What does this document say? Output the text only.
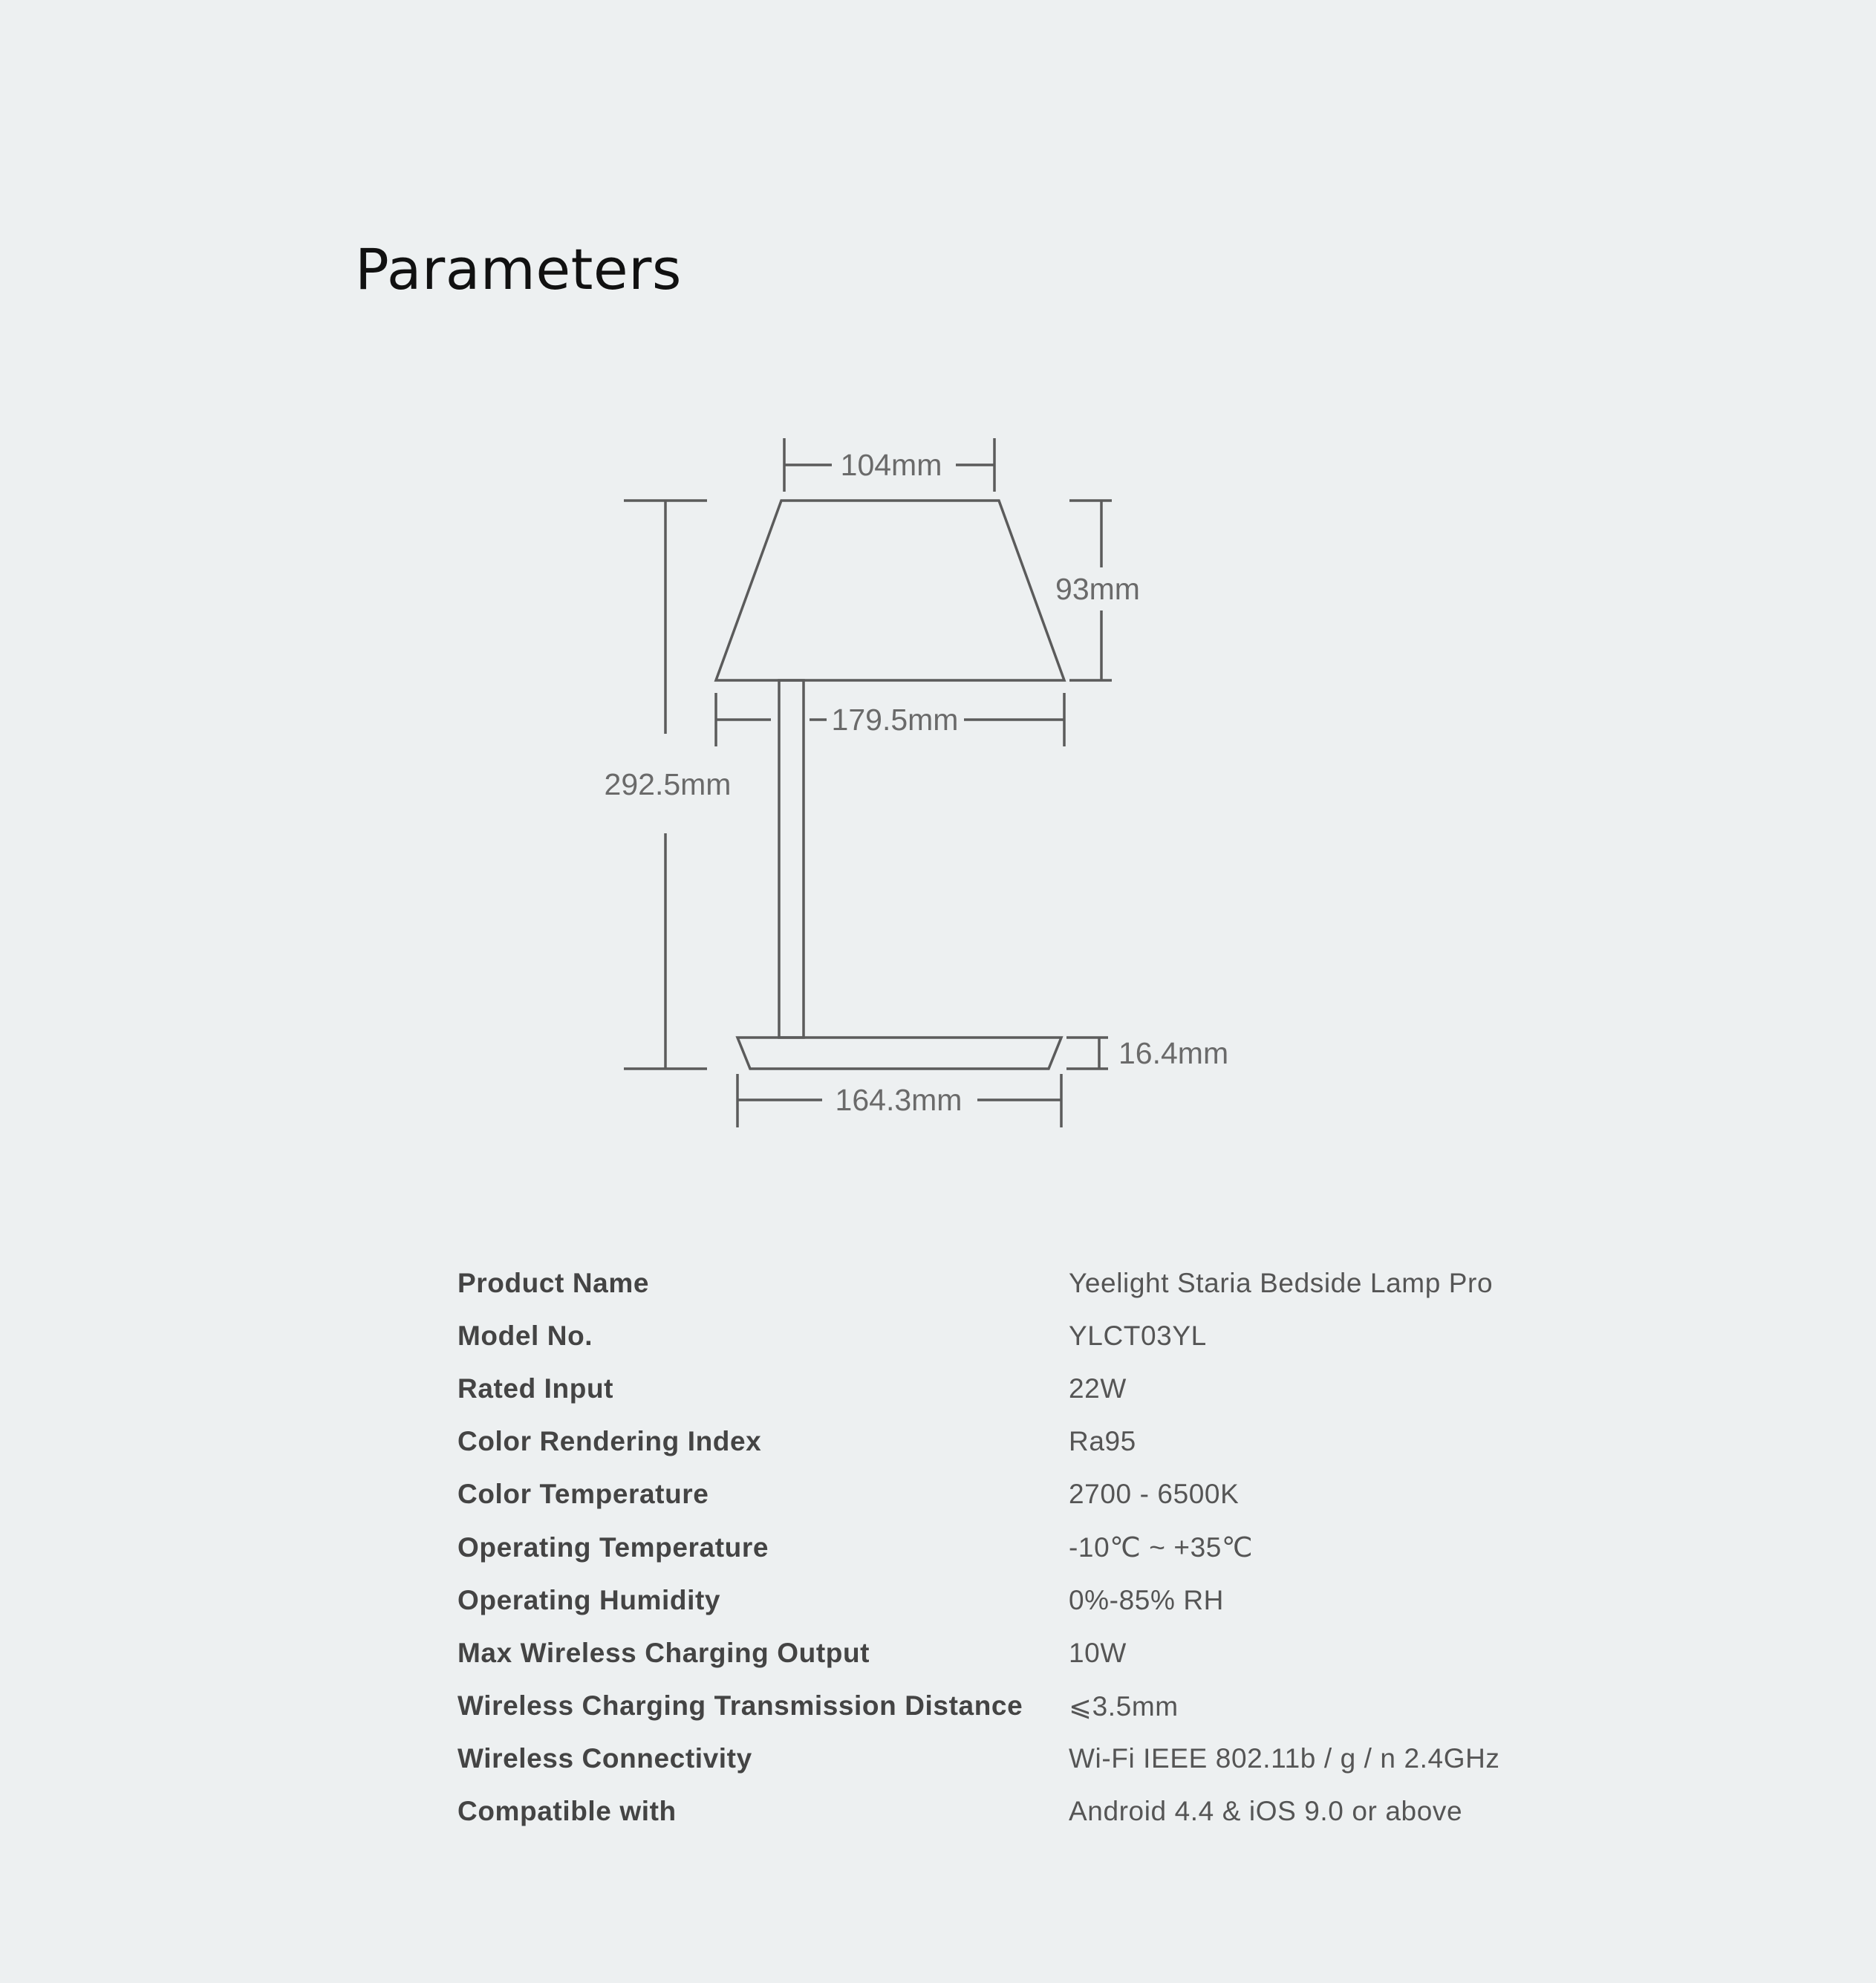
Parameters
104mm
93mm
179.5mm
292.5mm
16.4mm
164.3mm
Product Name	Yeelight Staria Bedside Lamp Pro
Model No.	YLCT03YL
Rated Input	22W
Color Rendering Index	Ra95
Color Temperature	2700 - 6500K
Operating Temperature	-10℃ ~ +35℃
Operating Humidity	0%-85% RH
Max Wireless Charging Output	10W
Wireless Charging Transmission Distance	⩽3.5mm
Wireless Connectivity	Wi-Fi IEEE 802.11b / g / n 2.4GHz
Compatible with	Android 4.4 & iOS 9.0 or above
